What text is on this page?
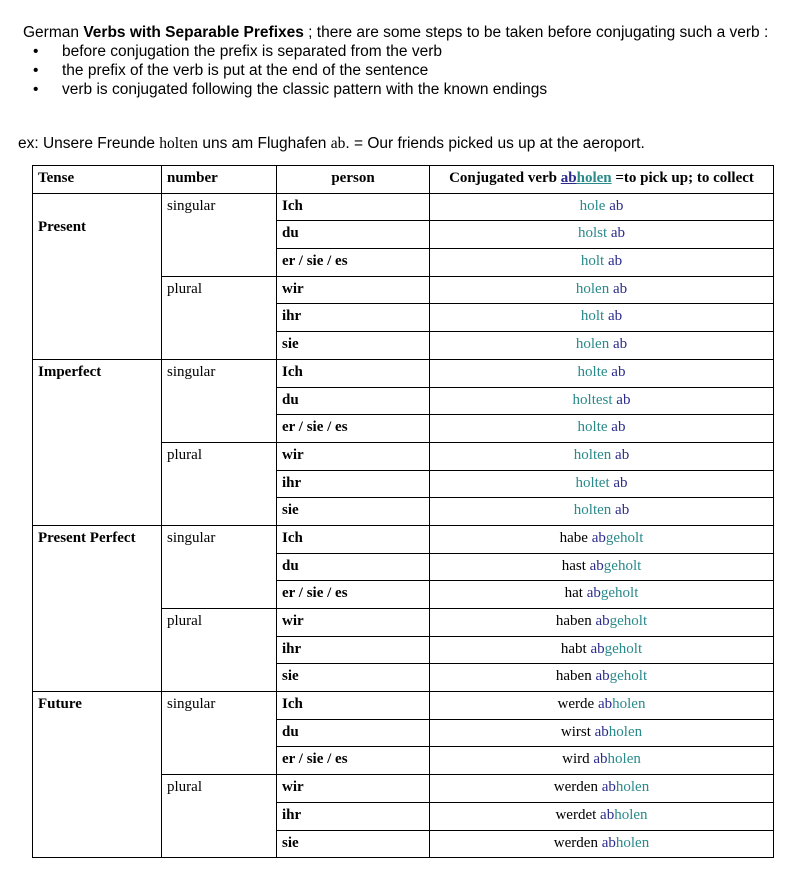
German Verbs with Separable Prefixes ; there are some steps to be taken before conjugating such a verb :
• before conjugation the prefix is separated from the verb
• the prefix of the verb is put at the end of the sentence
• verb is conjugated following the classic pattern with the known endings
ex: Unsere Freunde holten uns am Flughafen ab. = Our friends picked us up at the aeroport.
Tense	number	person	Conjugated verb abholen =to pick up; to collect

Present	singular	Ich	hole ab
		du	holst ab
		er / sie / es	holt ab
	plural	wir	holen ab
		ihr	holt ab
		sie	holen ab

Imperfect	singular	Ich	holte ab
		du	holtest ab
		er / sie / es	holte ab
	plural	wir	holten ab
		ihr	holtet ab
		sie	holten ab

Present Perfect	singular	Ich	habe abgeholt
		du	hast abgeholt
		er / sie / es	hat abgeholt
	plural	wir	haben abgeholt
		ihr	habt abgeholt
		sie	haben abgeholt

Future	singular	Ich	werde abholen
		du	wirst abholen
		er / sie / es	wird abholen
	plural	wir	werden abholen
		ihr	werdet abholen
		sie	werden abholen
